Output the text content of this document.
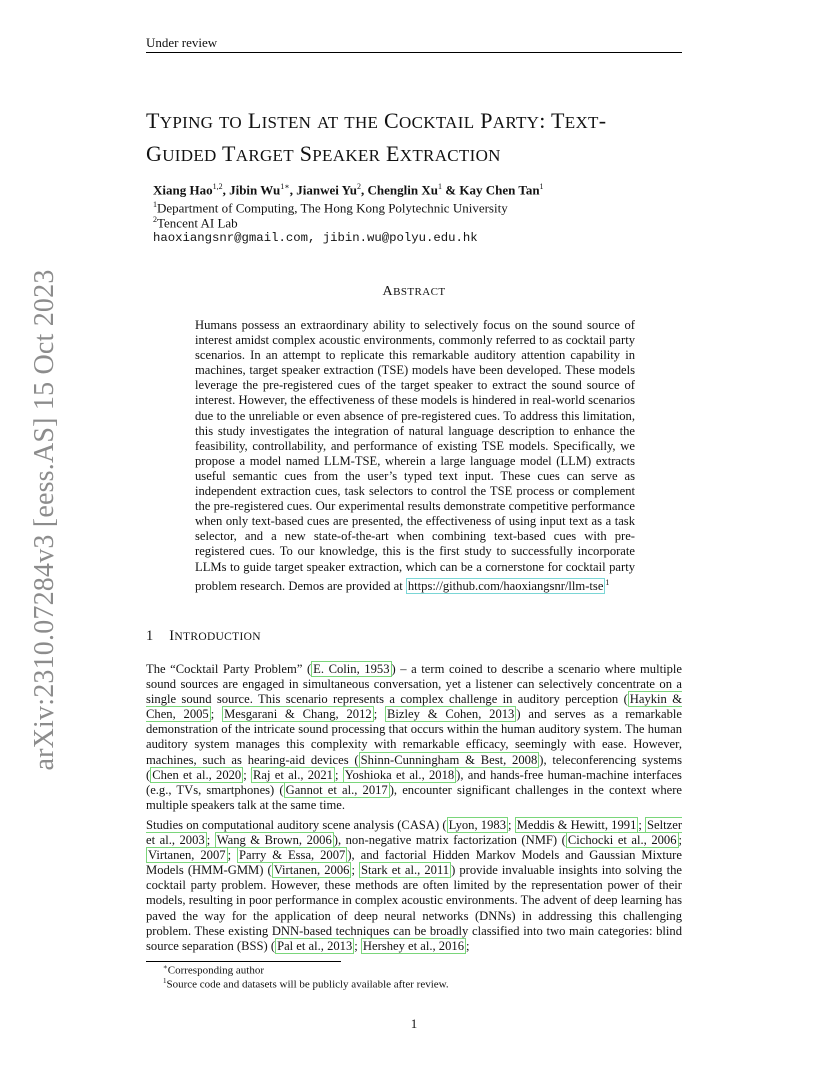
Under review
TYPING TO LISTEN AT THE COCKTAIL PARTY: TEXT-
GUIDED TARGET SPEAKER EXTRACTION
Xiang Hao$^{1,2}$, Jibin $Wu^{1∗}$, Jianwei Yu$^2$, Chenglin Xu$^1$ & Kay Chen Tan$^1$
$^1$Department of Computing, The Hong Kong Polytechnic University
$^2$Tencent AI Lab
haoxiangsnr@gmail.com, jibin.wu@polyu.edu.hk
arXiv:2310.07284v3 [eess.AS] 15 Oct 2023	ABSTRACT
Humans possess an extraordinary ability to selectively focus on the sound source of interest amidst complex acoustic environments, commonly referred to as cocktail party scenarios. In an attempt to replicate this remarkable auditory attention capability in machines, target speaker extraction (TSE) models have been developed. These models leverage the pre-registered cues of the target speaker to extract the sound source of interest. However, the effectiveness of these models is hindered in real-world scenarios due to the unreliable or even absence of pre-registered cues. To address this limitation, this study investigates the integration of natural language description to enhance the feasibility, controllability, and performance of existing TSE models. Specifically, we propose a model named LLM-TSE, wherein a large language model (LLM) extracts useful semantic cues from the user’s typed text input. These cues can serve as independent extraction cues, task selectors to control the TSE process or complement the pre-registered cues. Our experimental results demonstrate competitive performance when only text-based cues are presented, the effectiveness of using input text as a task selector, and a new state-of-the-art when combining text-based cues with pre-registered cues. To our knowledge, this is the first study to successfully incorporate LLMs to guide target speaker extraction, which can be a cornerstone for cocktail party problem research. Demos are provided at https://github.com/haoxiangsnr/llm-tse $^1$
1 INTRODUCTION
The “Cocktail Party Problem” ( E. Colin, 1953 ) – a term coined to describe a scenario where multiple sound sources are engaged in simultaneous conversation, yet a listener can selectively concentrate on a single sound source. This scenario represents a complex challenge in auditory perception ( Haykin & Chen, 2005 ; Mesgarani & Chang, 2012 ; Bizley & Cohen, 2013 ) and serves as a remarkable demonstration of the intricate sound processing that occurs within the human auditory system. The human auditory system manages this complexity with remarkable efficacy, seemingly with ease. However, machines, such as hearing-aid devices ( Shinn-Cunningham & Best, 2008 ), teleconferencing systems ( Chen et al., 2020 ; Raj et al., 2021 ; Yoshioka et al., 2018 ), and hands-free human-machine interfaces (e.g., TVs, smartphones) ( Gannot et al., 2017 ), encounter significant challenges in the context where multiple speakers talk at the same time.
Studies on computational auditory scene analysis (CASA) ( Lyon, 1983 ; Meddis & Hewitt, 1991 ; Seltzer et al., 2003 ; Wang & Brown, 2006 ), non-negative matrix factorization (NMF) ( Cichocki et al., 2006 ; Virtanen, 2007 ; Parry & Essa, 2007 ), and factorial Hidden Markov Models and Gaussian Mixture Models (HMM-GMM) ( Virtanen, 2006 ; Stark et al., 2011 ) provide invaluable insights into solving the cocktail party problem. However, these methods are often limited by the representation power of their models, resulting in poor performance in complex acoustic environments. The advent of deep learning has paved the way for the application of deep neural networks (DNNs) in addressing this challenging problem. These existing DNN-based techniques can be broadly classified into two main categories: blind source separation (BSS) ( Pal et al., 2013 ; Hershey et al., 2016 ;
∗Corresponding author
$^1$Source code and datasets will be publicly available after review.
1
